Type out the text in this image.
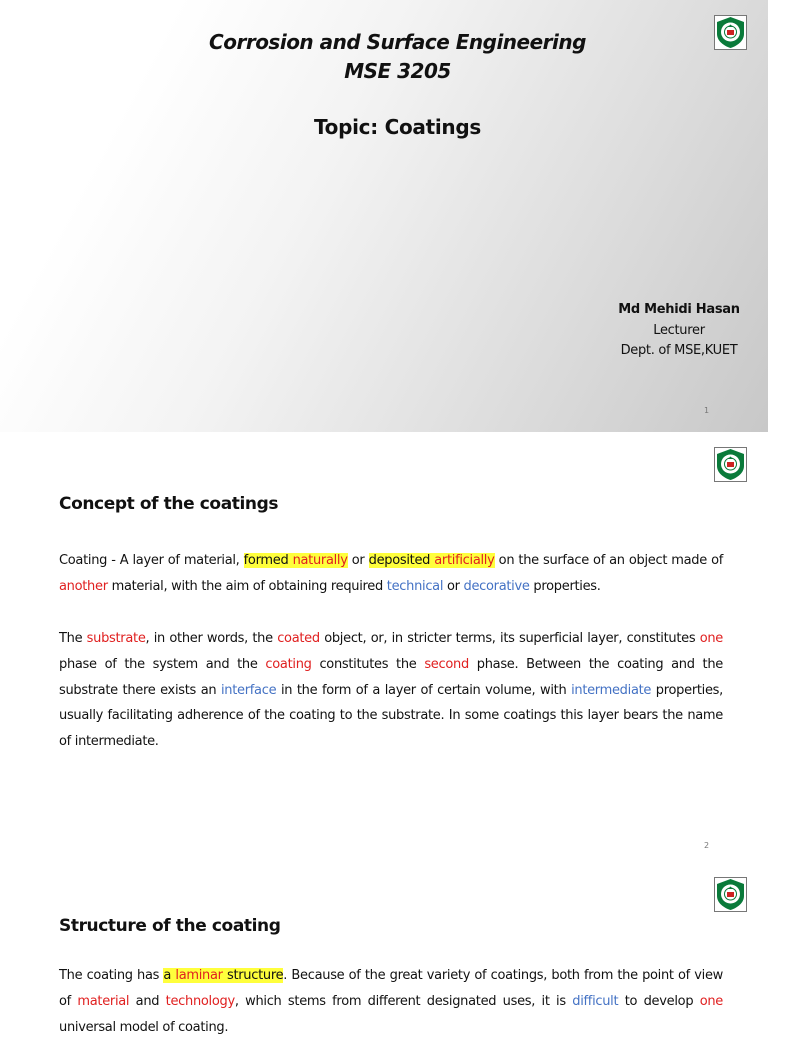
Corrosion and Surface Engineering
MSE 3205
Topic: Coatings
Md Mehidi Hasan
Lecturer
Dept. of MSE,KUET
1
Concept of the coatings
Coating - A layer of material, formed naturally or deposited artificially on the surface of an object made of another material, with the aim of obtaining required technical or decorative properties.
The substrate, in other words, the coated object, or, in stricter terms, its superficial layer, constitutes one phase of the system and the coating constitutes the second phase. Between the coating and the substrate there exists an interface in the form of a layer of certain volume, with intermediate properties, usually facilitating adherence of the coating to the substrate. In some coatings this layer bears the name of intermediate.
2
Structure of the coating
The coating has a laminar structure. Because of the great variety of coatings, both from the point of view of material and technology, which stems from different designated uses, it is difficult to develop one universal model of coating.
